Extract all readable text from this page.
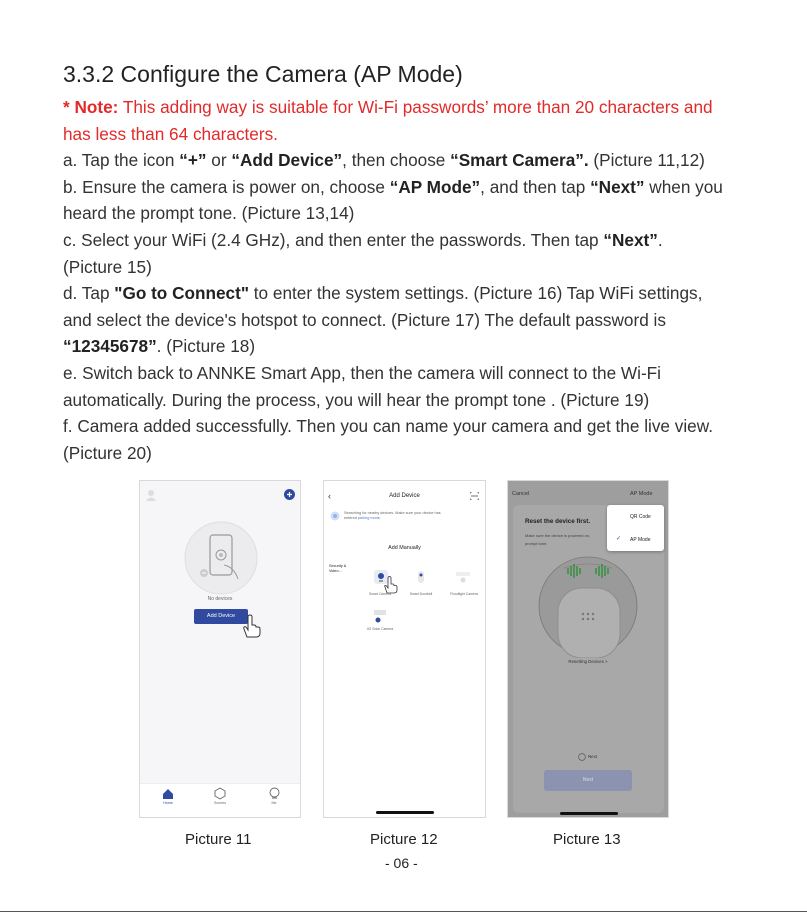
3.3.2 Configure the Camera (AP Mode)
* Note: This adding way is suitable for Wi-Fi passwords’ more than 20 characters and
has less than 64 characters.
a. Tap the icon “+” or “Add Device”, then choose “Smart Camera”. (Picture 11,12)
b. Ensure the camera is power on, choose “AP Mode”, and then tap “Next” when you
heard the prompt tone. (Picture 13,14)
c. Select your WiFi (2.4 GHz), and then enter the passwords. Then tap “Next”.
(Picture 15)
d. Tap "Go to Connect" to enter the system settings. (Picture 16) Tap WiFi settings,
and select the device's hotspot to connect. (Picture 17) The default password is
“12345678”. (Picture 18)
e. Switch back to ANNKE Smart App, then the camera will connect to the Wi-Fi
automatically. During the process, you will hear the prompt tone . (Picture 19)
f. Camera added successfully. Then you can name your camera and get the live view.
(Picture 20)
No devices
Add Device
Home	Scenes	Me
‹	Add Device
Searching for nearby devices. Make sure your device has
entered pairing mode.
Add Manually
Security & Video...
Smart Camera	Smart Doorbell	Floodlight Camera
4G Solar Camera
Cancel	AP Mode
Reset the device first.
Make sure the device is powered on,
prompt tone.
QR Code
✓ AP Mode
Resetting Devices >
Next
Next
Picture 11	Picture 12	Picture 13
- 06 -
